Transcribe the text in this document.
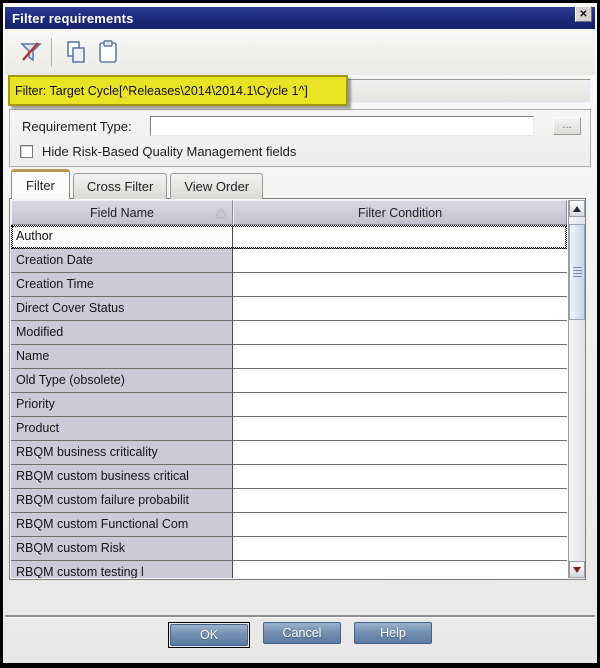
Filter requirements	✕
Filter: Target Cycle[^Releases\2014\2014.1\Cycle 1^]
Requirement Type:	...
Hide Risk-Based Quality Management fields
Filter	Cross Filter	View Order
Field Name	Filter Condition
Author
Creation Date
Creation Time
Direct Cover Status
Modified
Name
Old Type (obsolete)
Priority
Product
RBQM business criticality
RBQM custom business critical
RBQM custom failure probabilit
RBQM custom Functional Com
RBQM custom Risk
RBQM custom testing l
OK	Cancel	Help
